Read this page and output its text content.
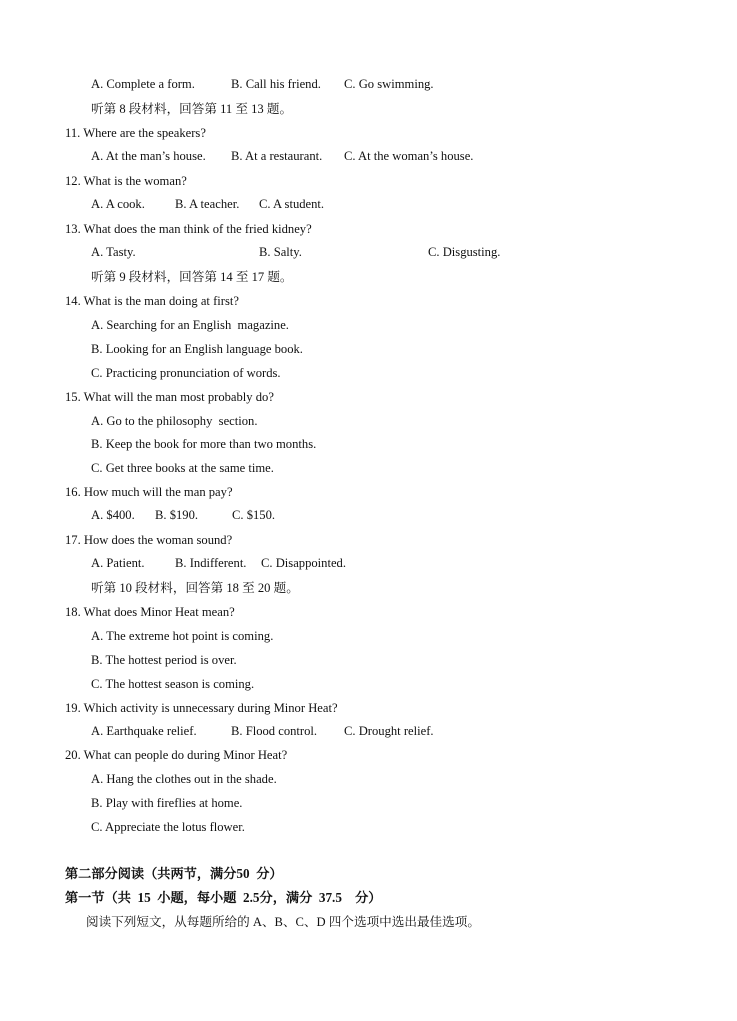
A. Complete a form.	B. Call his friend. C. Go swimming.
听第 8 段材料，回答第 11 至 13 题。
11. Where are the speakers?
A. At the man’s house. B. At a restaurant. C. At the woman’s house.
12. What is the woman?
A. A cook. B. A teacher. C. A student.
13. What does the man think of the fried kidney?
A. Tasty.	B. Salty.	C. Disgusting.
听第 9 段材料，回答第 14 至 17 题。
14. What is the man doing at first?
A. Searching for an English  magazine.
B. Looking for an English language book.
C. Practicing pronunciation of words.
15. What will the man most probably do?
A. Go to the philosophy  section.
B. Keep the book for more than two months.
C. Get three books at the same time.
16. How much will the man pay?
A. $400. B. $190.	C. $150.
17. How does the woman sound?
A. Patient. B. Indifferent. C. Disappointed.
听第 10 段材料，回答第 18 至 20 题。
18. What does Minor Heat mean?
A. The extreme hot point is coming.
B. The hottest period is over.
C. The hottest season is coming.
19. Which activity is unnecessary during Minor Heat?
A. Earthquake relief.	B. Flood control. C. Drought relief.
20. What can people do during Minor Heat?
A. Hang the clothes out in the shade.
B. Play with fireflies at home.
C. Appreciate the lotus flower.
第二部分阅读（共两节，满分50  分）
第一节（共  15  小题，每小题  2.5分，满分  37.5    分）
阅读下列短文，从每题所给的 A、B、C、D 四个选项中选出最佳选项。
